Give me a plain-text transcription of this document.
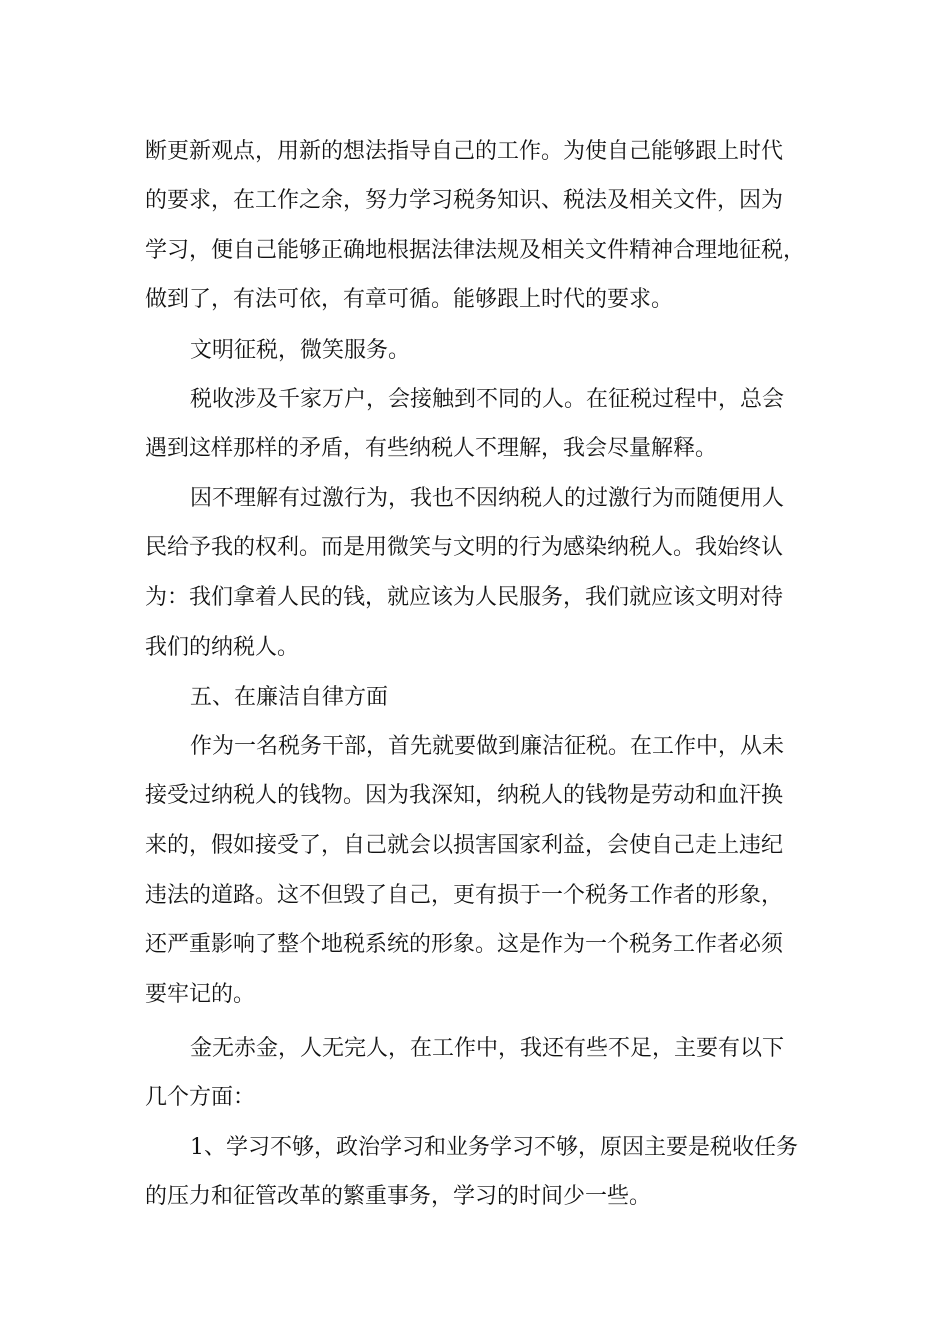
断更新观点，用新的想法指导自己的工作。为使自己能够跟上时代
的要求，在工作之余，努力学习税务知识、税法及相关文件，因为
学习，便自己能够正确地根据法律法规及相关文件精神合理地征税，
做到了，有法可依，有章可循。能够跟上时代的要求。
文明征税，微笑服务。
税收涉及千家万户，会接触到不同的人。在征税过程中，总会
遇到这样那样的矛盾，有些纳税人不理解，我会尽量解释。
因不理解有过激行为，我也不因纳税人的过激行为而随便用人
民给予我的权利。而是用微笑与文明的行为感染纳税人。我始终认
为：我们拿着人民的钱，就应该为人民服务，我们就应该文明对待
我们的纳税人。
五、在廉洁自律方面
作为一名税务干部，首先就要做到廉洁征税。在工作中，从未
接受过纳税人的钱物。因为我深知，纳税人的钱物是劳动和血汗换
来的，假如接受了，自己就会以损害国家利益，会使自己走上违纪
违法的道路。这不但毁了自己，更有损于一个税务工作者的形象，
还严重影响了整个地税系统的形象。这是作为一个税务工作者必须
要牢记的。
金无赤金，人无完人，在工作中，我还有些不足，主要有以下
几个方面：
1、学习不够，政治学习和业务学习不够，原因主要是税收任务
的压力和征管改革的繁重事务，学习的时间少一些。
